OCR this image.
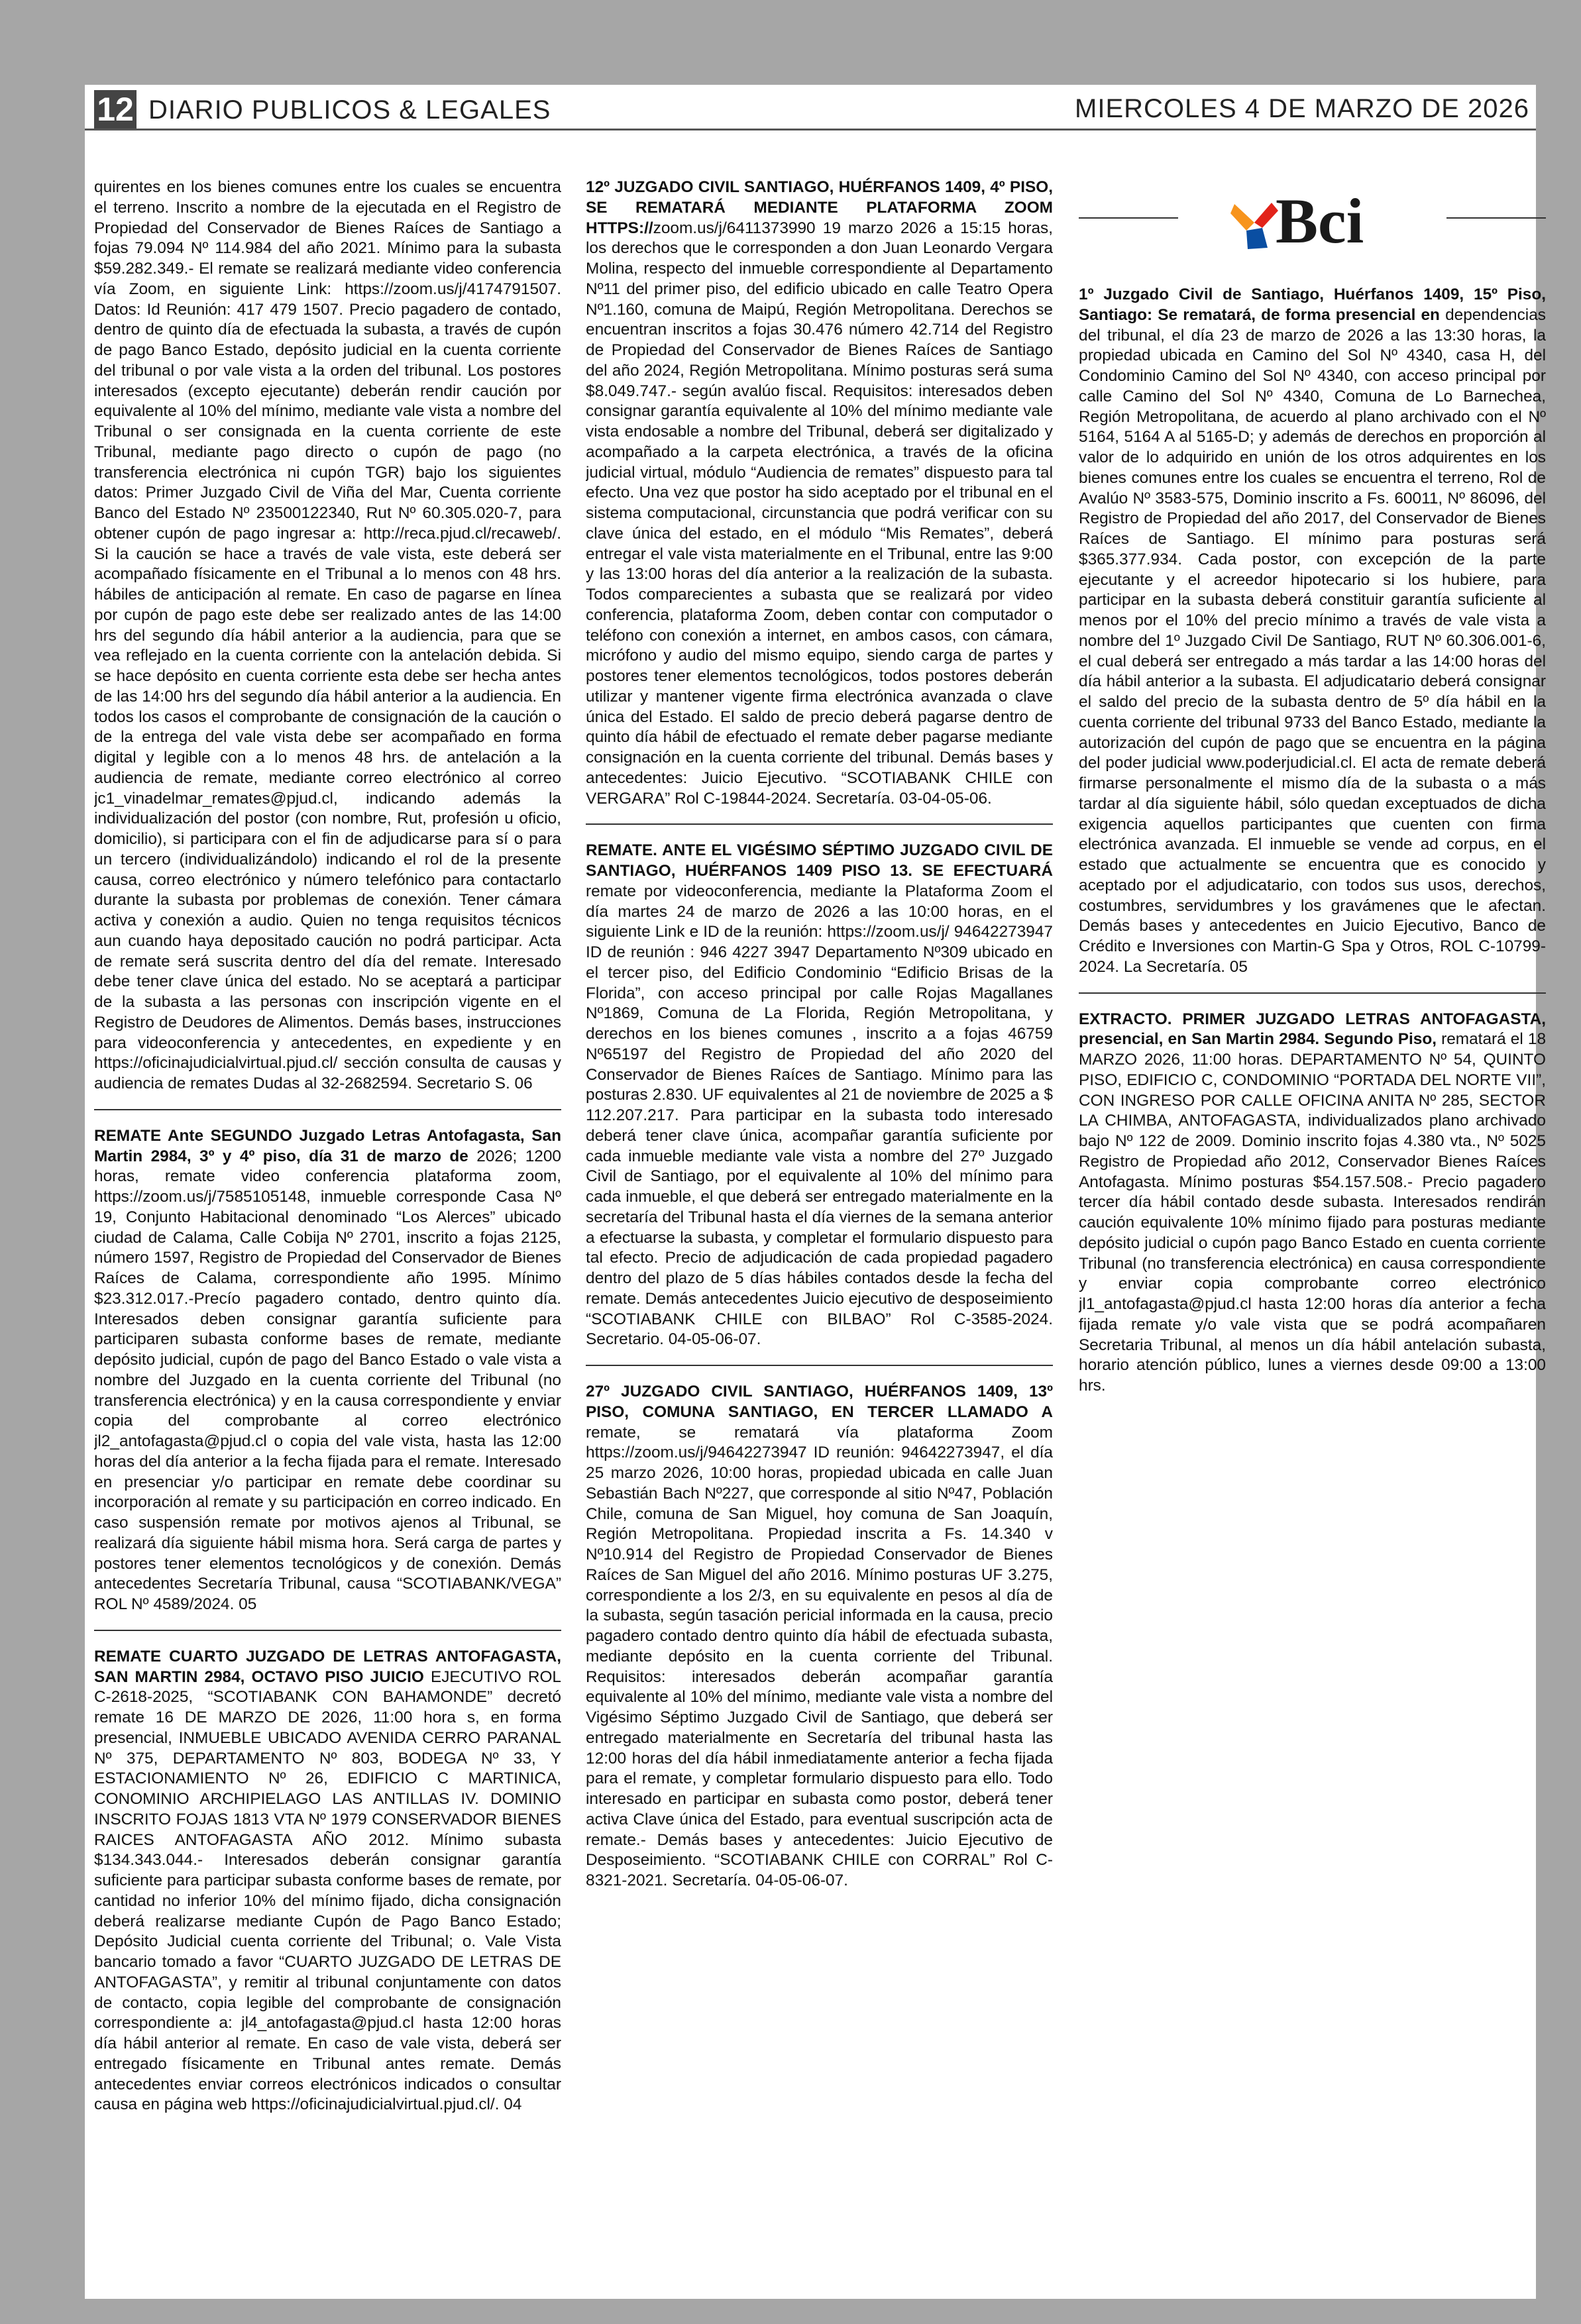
12 DIARIO PUBLICOS & LEGALES	MIERCOLES 4 DE MARZO DE 2026

quirentes en los bienes comunes entre los cuales se encuentra el terreno. Inscrito a nombre de la ejecutada en el Registro de Propiedad del Conservador de Bienes Raíces de Santiago a fojas 79.094 Nº 114.984 del año 2021. Mínimo para la subasta $59.282.349.- El remate se realizará mediante video conferencia vía Zoom, en siguiente Link: https://zoom.us/j/4174791507. Datos: Id Reunión: 417 479 1507. Precio pagadero de contado, dentro de quinto día de efectuada la subasta, a través de cupón de pago Banco Estado, depósito judicial en la cuenta corriente del tribunal o por vale vista a la orden del tribunal. Los postores interesados (excepto ejecutante) deberán rendir caución por equivalente al 10% del mínimo, mediante vale vista a nombre del Tribunal o ser consignada en la cuenta corriente de este Tribunal, mediante pago directo o cupón de pago (no transferencia electrónica ni cupón TGR) bajo los siguientes datos: Primer Juzgado Civil de Viña del Mar, Cuenta corriente Banco del Estado Nº 23500122340, Rut Nº 60.305.020-7, para obtener cupón de pago ingresar a: http://reca.pjud.cl/recaweb/. Si la caución se hace a través de vale vista, este deberá ser acompañado físicamente en el Tribunal a lo menos con 48 hrs. hábiles de anticipación al remate. En caso de pagarse en línea por cupón de pago este debe ser realizado antes de las 14:00 hrs del segundo día hábil anterior a la audiencia, para que se vea reflejado en la cuenta corriente con la antelación debida. Si se hace depósito en cuenta corriente esta debe ser hecha antes de las 14:00 hrs del segundo día hábil anterior a la audiencia. En todos los casos el comprobante de consignación de la caución o de la entrega del vale vista debe ser acompañado en forma digital y legible con a lo menos 48 hrs. de antelación a la audiencia de remate, mediante correo electrónico al correo jc1_vinadelmar_remates@pjud.cl, indicando además la individualización del postor (con nombre, Rut, profesión u oficio, domicilio), si participara con el fin de adjudicarse para sí o para un tercero (individualizándolo) indicando el rol de la presente causa, correo electrónico y número telefónico para contactarlo durante la subasta por problemas de conexión. Tener cámara activa y conexión a audio. Quien no tenga requisitos técnicos aun cuando haya depositado caución no podrá participar. Acta de remate será suscrita dentro del día del remate. Interesado debe tener clave única del estado. No se aceptará a participar de la subasta a las personas con inscripción vigente en el Registro de Deudores de Alimentos. Demás bases, instrucciones para videoconferencia y antecedentes, en expediente y en https://oficinajudicialvirtual.pjud.cl/ sección consulta de causas y audiencia de remates Dudas al 32-2682594. Secretario S. 06

REMATE Ante SEGUNDO Juzgado Letras Antofagasta, San Martin 2984, 3º y 4º piso, día 31 de marzo de 2026; 1200 horas, remate video conferencia plataforma zoom, https://zoom.us/j/7585105148, inmueble corresponde Casa Nº 19, Conjunto Habitacional denominado “Los Alerces” ubicado ciudad de Calama, Calle Cobija Nº 2701, inscrito a fojas 2125, número 1597, Registro de Propiedad del Conservador de Bienes Raíces de Calama, correspondiente año 1995. Mínimo $23.312.017.-Precío pagadero contado, dentro quinto día. Interesados deben consignar garantía suficiente para participaren subasta conforme bases de remate, mediante depósito judicial, cupón de pago del Banco Estado o vale vista a nombre del Juzgado en la cuenta corriente del Tribunal (no transferencia electrónica) y en la causa correspondiente y enviar copia del comprobante al correo electrónico jl2_antofagasta@pjud.cl o copia del vale vista, hasta las 12:00 horas del día anterior a la fecha fijada para el remate. Interesado en presenciar y/o participar en remate debe coordinar su incorporación al remate y su participación en correo indicado. En caso suspensión remate por motivos ajenos al Tribunal, se realizará día siguiente hábil misma hora. Será carga de partes y postores tener elementos tecnológicos y de conexión. Demás antecedentes Secretaría Tribunal, causa “SCOTIABANK/VEGA” ROL Nº 4589/2024. 05

REMATE CUARTO JUZGADO DE LETRAS ANTOFAGASTA, SAN MARTIN 2984, OCTAVO PISO JUICIO EJECUTIVO ROL C-2618-2025, “SCOTIABANK CON BAHAMONDE” decretó remate 16 DE MARZO DE 2026, 11:00 hora s, en forma presencial, INMUEBLE UBICADO AVENIDA CERRO PARANAL Nº 375, DEPARTAMENTO Nº 803, BODEGA Nº 33, Y ESTACIONAMIENTO Nº 26, EDIFICIO C MARTINICA, CONOMINIO ARCHIPIELAGO LAS ANTILLAS IV. DOMINIO INSCRITO FOJAS 1813 VTA Nº 1979 CONSERVADOR BIENES RAICES ANTOFAGASTA AÑO 2012. Mínimo subasta $134.343.044.- Interesados deberán consignar garantía suficiente para participar subasta conforme bases de remate, por cantidad no inferior 10% del mínimo fijado, dicha consignación deberá realizarse mediante Cupón de Pago Banco Estado; Depósito Judicial cuenta corriente del Tribunal; o. Vale Vista bancario tomado a favor “CUARTO JUZGADO DE LETRAS DE ANTOFAGASTA”, y remitir al tribunal conjuntamente con datos de contacto, copia legible del comprobante de consignación correspondiente a: jl4_antofagasta@pjud.cl hasta 12:00 horas día hábil anterior al remate. En caso de vale vista, deberá ser entregado físicamente en Tribunal antes remate. Demás antecedentes enviar correos electrónicos indicados o consultar causa en página web https://oficinajudicialvirtual.pjud.cl/. 04

12º JUZGADO CIVIL SANTIAGO, HUÉRFANOS 1409, 4º PISO, SE REMATARÁ MEDIANTE PLATAFORMA ZOOM HTTPS://zoom.us/j/6411373990 19 marzo 2026 a 15:15 horas, los derechos que le corresponden a don Juan Leonardo Vergara Molina, respecto del inmueble correspondiente al Departamento Nº11 del primer piso, del edificio ubicado en calle Teatro Opera Nº1.160, comuna de Maipú, Región Metropolitana. Derechos se encuentran inscritos a fojas 30.476 número 42.714 del Registro de Propiedad del Conservador de Bienes Raíces de Santiago del año 2024, Región Metropolitana. Mínimo posturas será suma $8.049.747.- según avalúo fiscal. Requisitos: interesados deben consignar garantía equivalente al 10% del mínimo mediante vale vista endosable a nombre del Tribunal, deberá ser digitalizado y acompañado a la carpeta electrónica, a través de la oficina judicial virtual, módulo “Audiencia de remates” dispuesto para tal efecto. Una vez que postor ha sido aceptado por el tribunal en el sistema computacional, circunstancia que podrá verificar con su clave única del estado, en el módulo “Mis Remates”, deberá entregar el vale vista materialmente en el Tribunal, entre las 9:00 y las 13:00 horas del día anterior a la realización de la subasta. Todos comparecientes a subasta que se realizará por video conferencia, plataforma Zoom, deben contar con computador o teléfono con conexión a internet, en ambos casos, con cámara, micrófono y audio del mismo equipo, siendo carga de partes y postores tener elementos tecnológicos, todos postores deberán utilizar y mantener vigente firma electrónica avanzada o clave única del Estado. El saldo de precio deberá pagarse dentro de quinto día hábil de efectuado el remate deber pagarse mediante consignación en la cuenta corriente del tribunal. Demás bases y antecedentes: Juicio Ejecutivo. “SCOTIABANK CHILE con VERGARA” Rol C-19844-2024. Secretaría. 03-04-05-06.

REMATE. ANTE EL VIGÉSIMO SÉPTIMO JUZGADO CIVIL DE SANTIAGO, HUÉRFANOS 1409 PISO 13. SE EFECTUARÁ remate por videoconferencia, mediante la Plataforma Zoom el día martes 24 de marzo de 2026 a las 10:00 horas, en el siguiente Link e ID de la reunión: https://zoom.us/j/ 94642273947 ID de reunión : 946 4227 3947 Departamento Nº309 ubicado en el tercer piso, del Edificio Condominio “Edificio Brisas de la Florida”, con acceso principal por calle Rojas Magallanes Nº1869, Comuna de La Florida, Región Metropolitana, y derechos en los bienes comunes , inscrito a a fojas 46759 Nº65197 del Registro de Propiedad del año 2020 del Conservador de Bienes Raíces de Santiago. Mínimo para las posturas 2.830. UF equivalentes al 21 de noviembre de 2025 a $ 112.207.217. Para participar en la subasta todo interesado deberá tener clave única, acompañar garantía suficiente por cada inmueble mediante vale vista a nombre del 27º Juzgado Civil de Santiago, por el equivalente al 10% del mínimo para cada inmueble, el que deberá ser entregado materialmente en la secretaría del Tribunal hasta el día viernes de la semana anterior a efectuarse la subasta, y completar el formulario dispuesto para tal efecto. Precio de adjudicación de cada propiedad pagadero dentro del plazo de 5 días hábiles contados desde la fecha del remate. Demás antecedentes Juicio ejecutivo de desposeimiento “SCOTIABANK CHILE con BILBAO” Rol C-3585-2024. Secretario. 04-05-06-07.

27º JUZGADO CIVIL SANTIAGO, HUÉRFANOS 1409, 13º PISO, COMUNA SANTIAGO, EN TERCER LLAMADO A remate, se rematará vía plataforma Zoom https://zoom.us/j/94642273947 ID reunión: 94642273947, el día 25 marzo 2026, 10:00 horas, propiedad ubicada en calle Juan Sebastián Bach Nº227, que corresponde al sitio Nº47, Población Chile, comuna de San Miguel, hoy comuna de San Joaquín, Región Metropolitana. Propiedad inscrita a Fs. 14.340 v Nº10.914 del Registro de Propiedad Conservador de Bienes Raíces de San Miguel del año 2016. Mínimo posturas UF 3.275, correspondiente a los 2/3, en su equivalente en pesos al día de la subasta, según tasación pericial informada en la causa, precio pagadero contado dentro quinto día hábil de efectuada subasta, mediante depósito en la cuenta corriente del Tribunal. Requisitos: interesados deberán acompañar garantía equivalente al 10% del mínimo, mediante vale vista a nombre del Vigésimo Séptimo Juzgado Civil de Santiago, que deberá ser entregado materialmente en Secretaría del tribunal hasta las 12:00 horas del día hábil inmediatamente anterior a fecha fijada para el remate, y completar formulario dispuesto para ello. Todo interesado en participar en subasta como postor, deberá tener activa Clave única del Estado, para eventual suscripción acta de remate.- Demás bases y antecedentes: Juicio Ejecutivo de Desposeimiento. “SCOTIABANK CHILE con CORRAL” Rol C-8321-2021. Secretaría. 04-05-06-07.

Bci

1º Juzgado Civil de Santiago, Huérfanos 1409, 15º Piso, Santiago: Se rematará, de forma presencial en dependencias del tribunal, el día 23 de marzo de 2026 a las 13:30 horas, la propiedad ubicada en Camino del Sol Nº 4340, casa H, del Condominio Camino del Sol Nº 4340, con acceso principal por calle Camino del Sol Nº 4340, Comuna de Lo Barnechea, Región Metropolitana, de acuerdo al plano archivado con el Nº 5164, 5164 A al 5165-D; y además de derechos en proporción al valor de lo adquirido en unión de los otros adquirentes en los bienes comunes entre los cuales se encuentra el terreno, Rol de Avalúo Nº 3583-575, Dominio inscrito a Fs. 60011, Nº 86096, del Registro de Propiedad del año 2017, del Conservador de Bienes Raíces de Santiago. El mínimo para posturas será $365.377.934. Cada postor, con excepción de la parte ejecutante y el acreedor hipotecario si los hubiere, para participar en la subasta deberá constituir garantía suficiente al menos por el 10% del precio mínimo a través de vale vista a nombre del 1º Juzgado Civil De Santiago, RUT Nº 60.306.001-6, el cual deberá ser entregado a más tardar a las 14:00 horas del día hábil anterior a la subasta. El adjudicatario deberá consignar el saldo del precio de la subasta dentro de 5º día hábil en la cuenta corriente del tribunal 9733 del Banco Estado, mediante la autorización del cupón de pago que se encuentra en la página del poder judicial www.poderjudicial.cl. El acta de remate deberá firmarse personalmente el mismo día de la subasta o a más tardar al día siguiente hábil, sólo quedan exceptuados de dicha exigencia aquellos participantes que cuenten con firma electrónica avanzada. El inmueble se vende ad corpus, en el estado que actualmente se encuentra que es conocido y aceptado por el adjudicatario, con todos sus usos, derechos, costumbres, servidumbres y los gravámenes que le afectan. Demás bases y antecedentes en Juicio Ejecutivo, Banco de Crédito e Inversiones con Martin-G Spa y Otros, ROL C-10799-2024. La Secretaría. 05

EXTRACTO. PRIMER JUZGADO LETRAS ANTOFAGASTA, presencial, en San Martin 2984. Segundo Piso, rematará el 18 MARZO 2026, 11:00 horas. DEPARTAMENTO Nº 54, QUINTO PISO, EDIFICIO C, CONDOMINIO “PORTADA DEL NORTE VII”, CON INGRESO POR CALLE OFICINA ANITA Nº 285, SECTOR LA CHIMBA, ANTOFAGASTA, individualizados plano archivado bajo Nº 122 de 2009. Dominio inscrito fojas 4.380 vta., Nº 5025 Registro de Propiedad año 2012, Conservador Bienes Raíces Antofagasta. Mínimo posturas $54.157.508.- Precio pagadero tercer día hábil contado desde subasta. Interesados rendirán caución equivalente 10% mínimo fijado para posturas mediante depósito judicial o cupón pago Banco Estado en cuenta corriente Tribunal (no transferencia electrónica) en causa correspondiente y enviar copia comprobante correo electrónico jl1_antofagasta@pjud.cl hasta 12:00 horas día anterior a fecha fijada remate y/o vale vista que se podrá acompañaren Secretaria Tribunal, al menos un día hábil antelación subasta, horario atención público, lunes a viernes desde 09:00 a 13:00 hrs.
